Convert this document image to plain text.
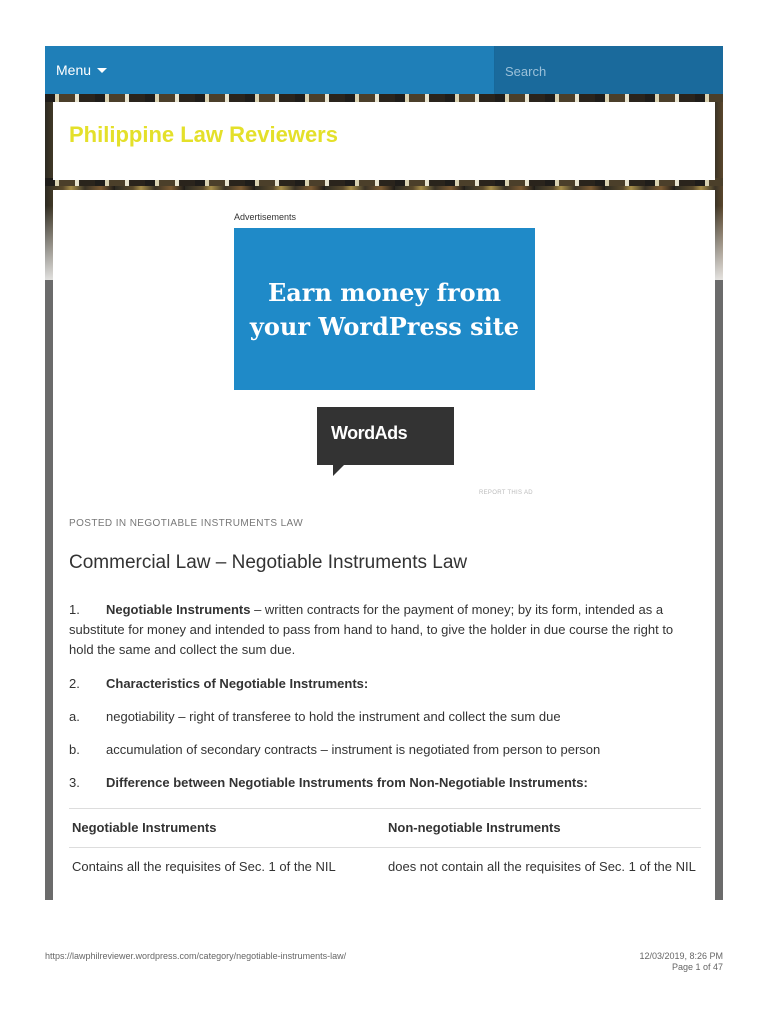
Menu
Search
Philippine Law Reviewers
Advertisements
Earn money from
your WordPress site
WordAds
REPORT THIS AD
POSTED IN NEGOTIABLE INSTRUMENTS LAW
Commercial Law – Negotiable Instruments Law
1. Negotiable Instruments – written contracts for the payment of money; by its form, intended as a substitute for money and intended to pass from hand to hand, to give the holder in due course the right to hold the same and collect the sum due.
2. Characteristics of Negotiable Instruments:
a. negotiability – right of transferee to hold the instrument and collect the sum due
b. accumulation of secondary contracts – instrument is negotiated from person to person
3. Difference between Negotiable Instruments from Non-Negotiable Instruments:
Negotiable Instruments	Non-negotiable Instruments
Contains all the requisites of Sec. 1 of the NIL	does not contain all the requisites of Sec. 1 of the NIL
https://lawphilreviewer.wordpress.com/category/negotiable-instruments-law/	12/03/2019, 8:26 PM
Page 1 of 47
